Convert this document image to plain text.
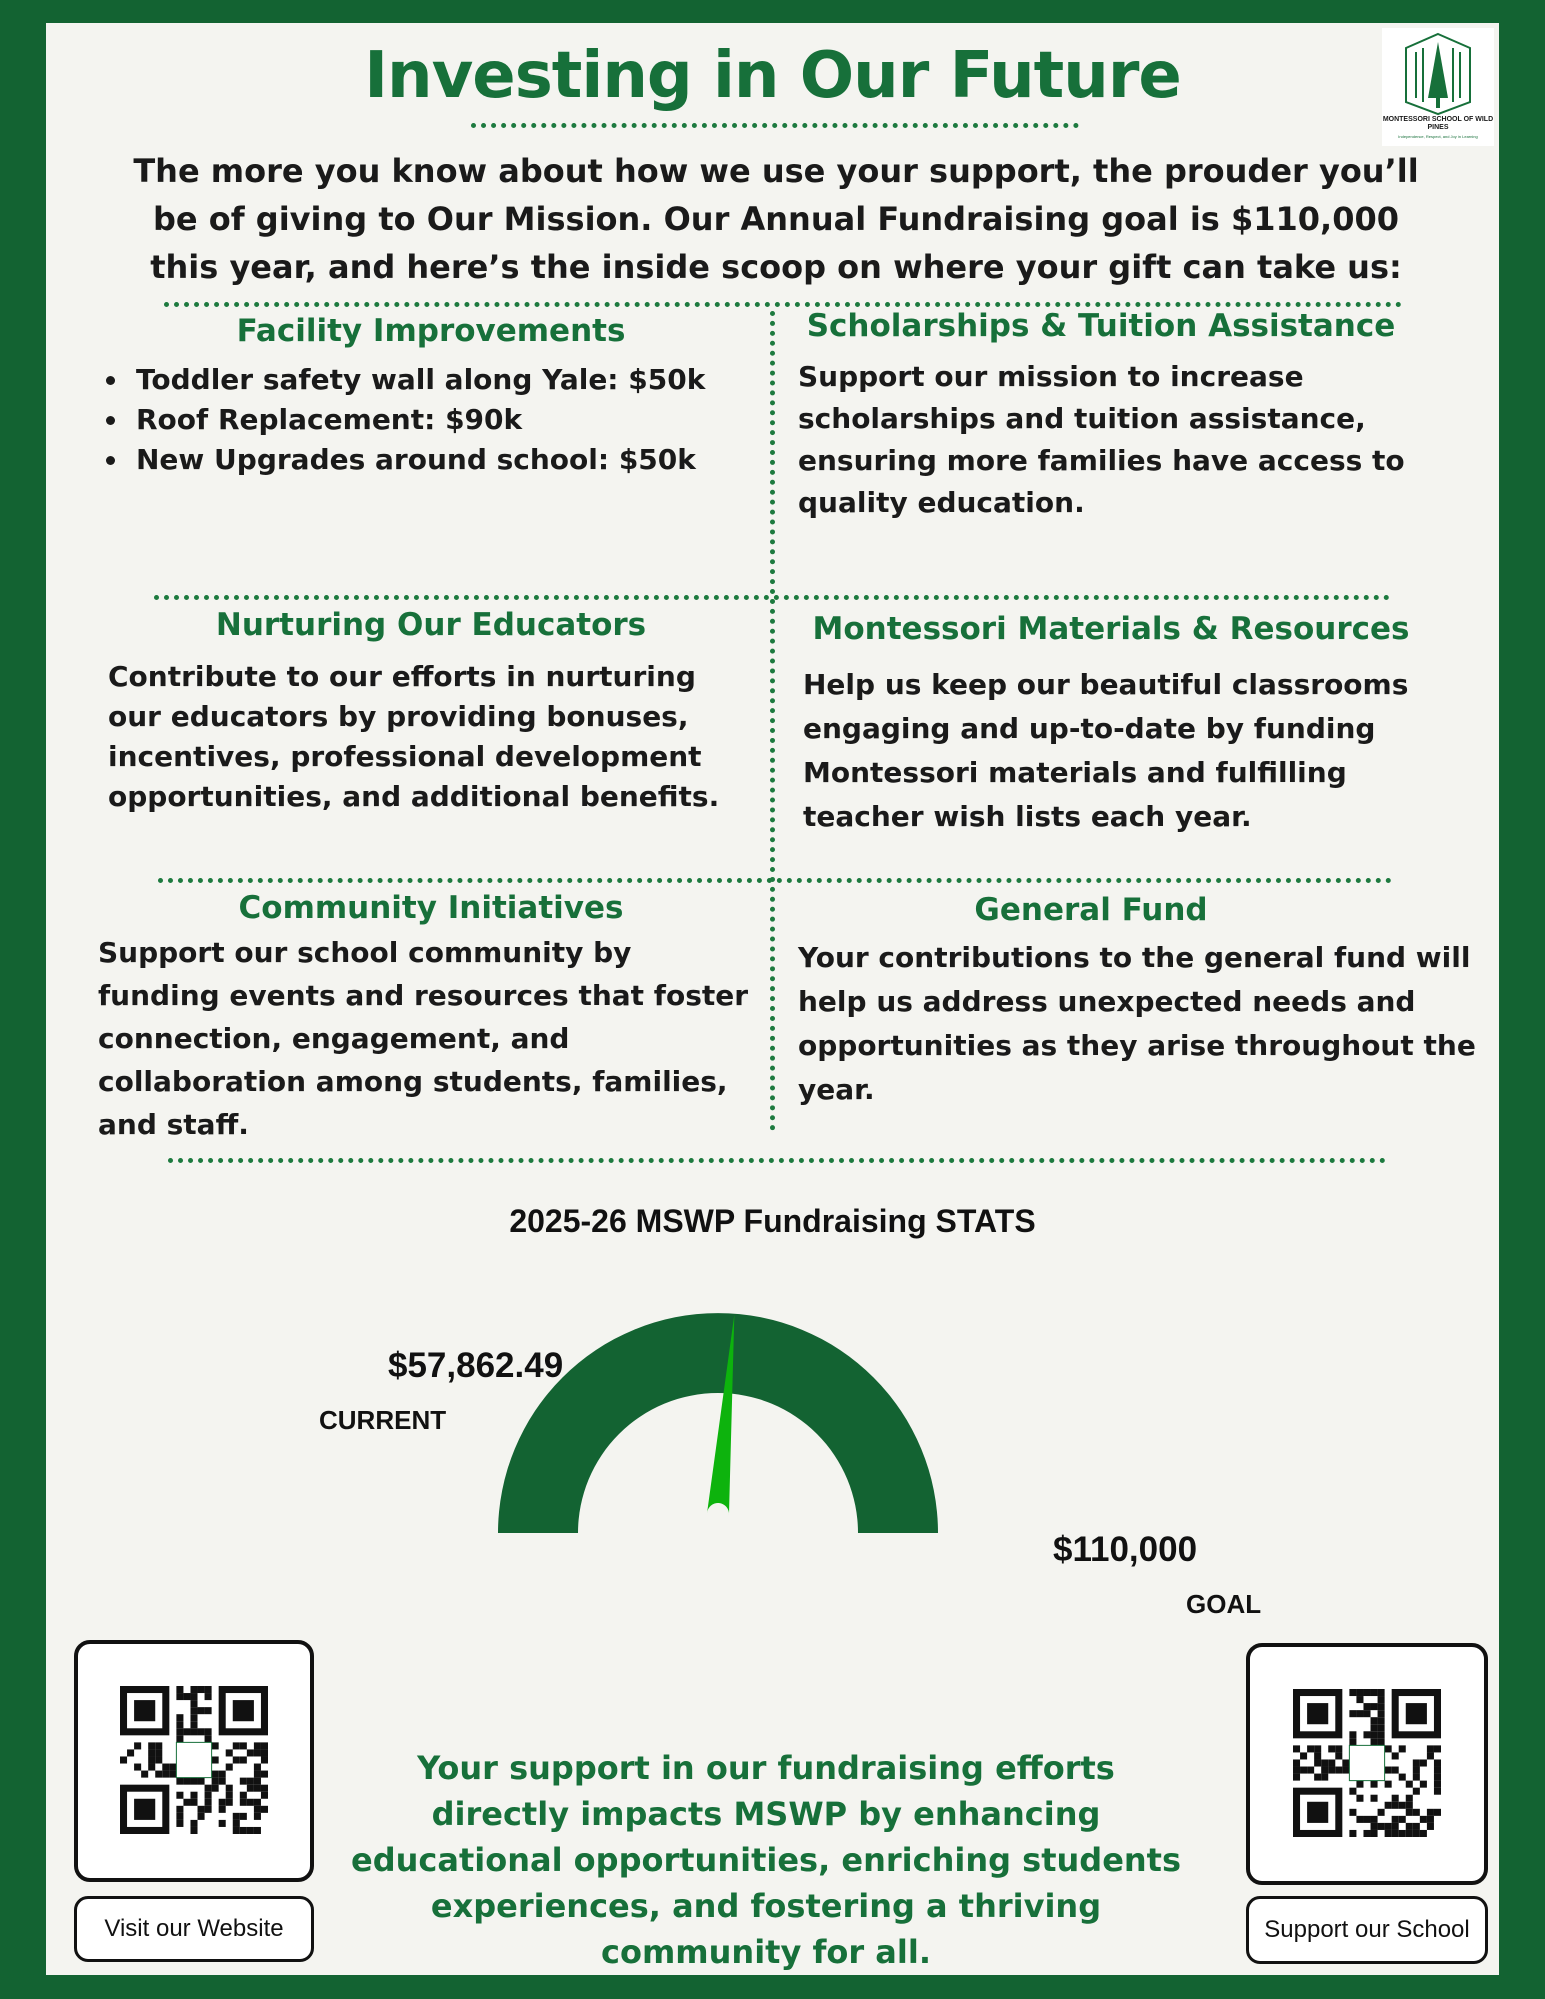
Investing in Our Future
MONTESSORI SCHOOL OF WILD PINES
Independence, Respect, and Joy in Learning
The more you know about how we use your support, the prouder you’ll be of giving to Our Mission. Our Annual Fundraising goal is $110,000 this year, and here’s the inside scoop on where your gift can take us:
Facility Improvements
• Toddler safety wall along Yale: $50k
• Roof Replacement: $90k
• New Upgrades around school: $50k
Scholarships & Tuition Assistance
Support our mission to increase scholarships and tuition assistance, ensuring more families have access to quality education.
Nurturing Our Educators
Contribute to our efforts in nurturing our educators by providing bonuses, incentives, professional development opportunities, and additional benefits.
Montessori Materials & Resources
Help us keep our beautiful classrooms engaging and up-to-date by funding Montessori materials and fulfilling teacher wish lists each year.
Community Initiatives
Support our school community by funding events and resources that foster connection, engagement, and collaboration among students, families, and staff.
General Fund
Your contributions to the general fund will help us address unexpected needs and opportunities as they arise throughout the year.
2025-26 MSWP Fundraising STATS
$57,862.49
CURRENT
$110,000
GOAL
Visit our Website	Support our School
Your support in our fundraising efforts directly impacts MSWP by enhancing educational opportunities, enriching students experiences, and fostering a thriving community for all.
